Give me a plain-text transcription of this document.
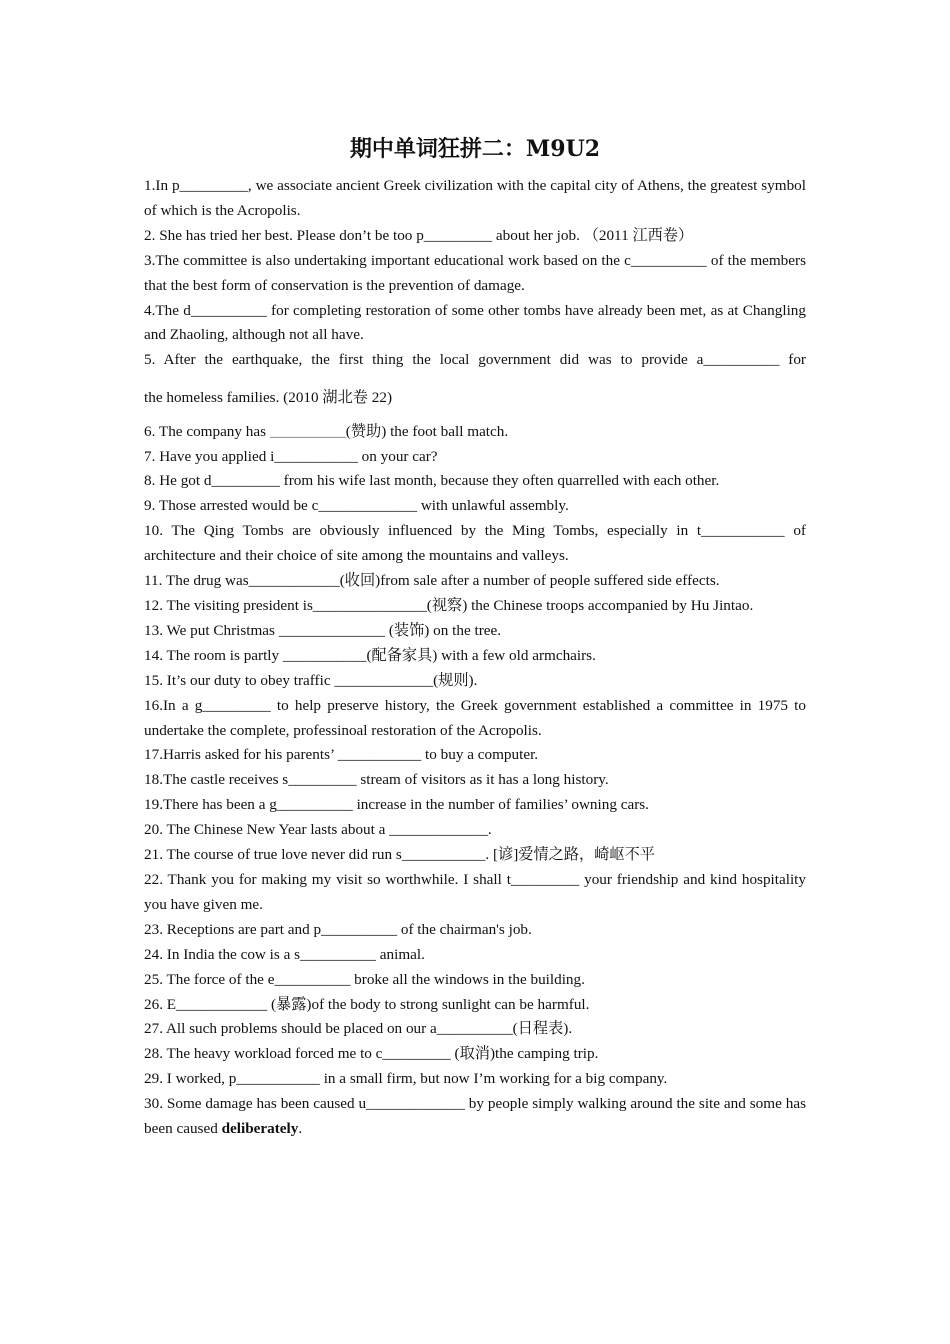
期中单词狂拼二：M9U2

1.In p_________, we associate ancient Greek civilization with the capital city of Athens, the greatest symbol of which is the Acropolis.

2. She has tried her best. Please don’t be too p_________ about her job. （2011 江西卷）

3.The committee is also undertaking important educational work based on the c__________ of the members that the best form of conservation is the prevention of damage.

4.The d__________ for completing restoration of some other tombs have already been met, as at Changling and Zhaoling, although not all have.

5. After the earthquake, the first thing the local government did was to provide a__________ for

the homeless families. (2010 湖北卷 22)

6. The company has __________(赞助) the foot ball match.

7. Have you applied i___________ on your car?

8. He got d_________ from his wife last month, because they often quarrelled with each other.

9. Those arrested would be c_____________ with unlawful assembly.

10. The Qing Tombs are obviously influenced by the Ming Tombs, especially in t___________ of architecture and their choice of site among the mountains and valleys.

11. The drug was____________(收回)from sale after a number of people suffered side effects.

12. The visiting president is_______________(视察) the Chinese troops accompanied by Hu Jintao.

13. We put Christmas ______________ (装饰) on the tree.

14. The room is partly ___________(配备家具) with a few old armchairs.

15. It’s our duty to obey traffic _____________(规则).

16.In a g_________ to help preserve history, the Greek government established a committee in 1975 to undertake the complete, professinoal restoration of the Acropolis.

17.Harris asked for his parents’ ___________ to buy a computer.

18.The castle receives s_________ stream of visitors as it has a long history.

19.There has been a g__________ increase in the number of families’ owning cars.

20. The Chinese New Year lasts about a _____________.

21. The course of true love never did run s___________. [谚]爱情之路，崎岖不平

22. Thank you for making my visit so worthwhile. I shall t_________ your friendship and kind hospitality you have given me.

23. Receptions are part and p__________ of the chairman's job.

24. In India the cow is a s__________ animal.

25. The force of the e__________ broke all the windows in the building.

26. E____________ (暴露)of the body to strong sunlight can be harmful.

27. All such problems should be placed on our a__________(日程表).

28. The heavy workload forced me to c_________ (取消)the camping trip.

29. I worked, p___________ in a small firm, but now I’m working for a big company.

30. Some damage has been caused u_____________ by people simply walking around the site and some has been caused deliberately.
